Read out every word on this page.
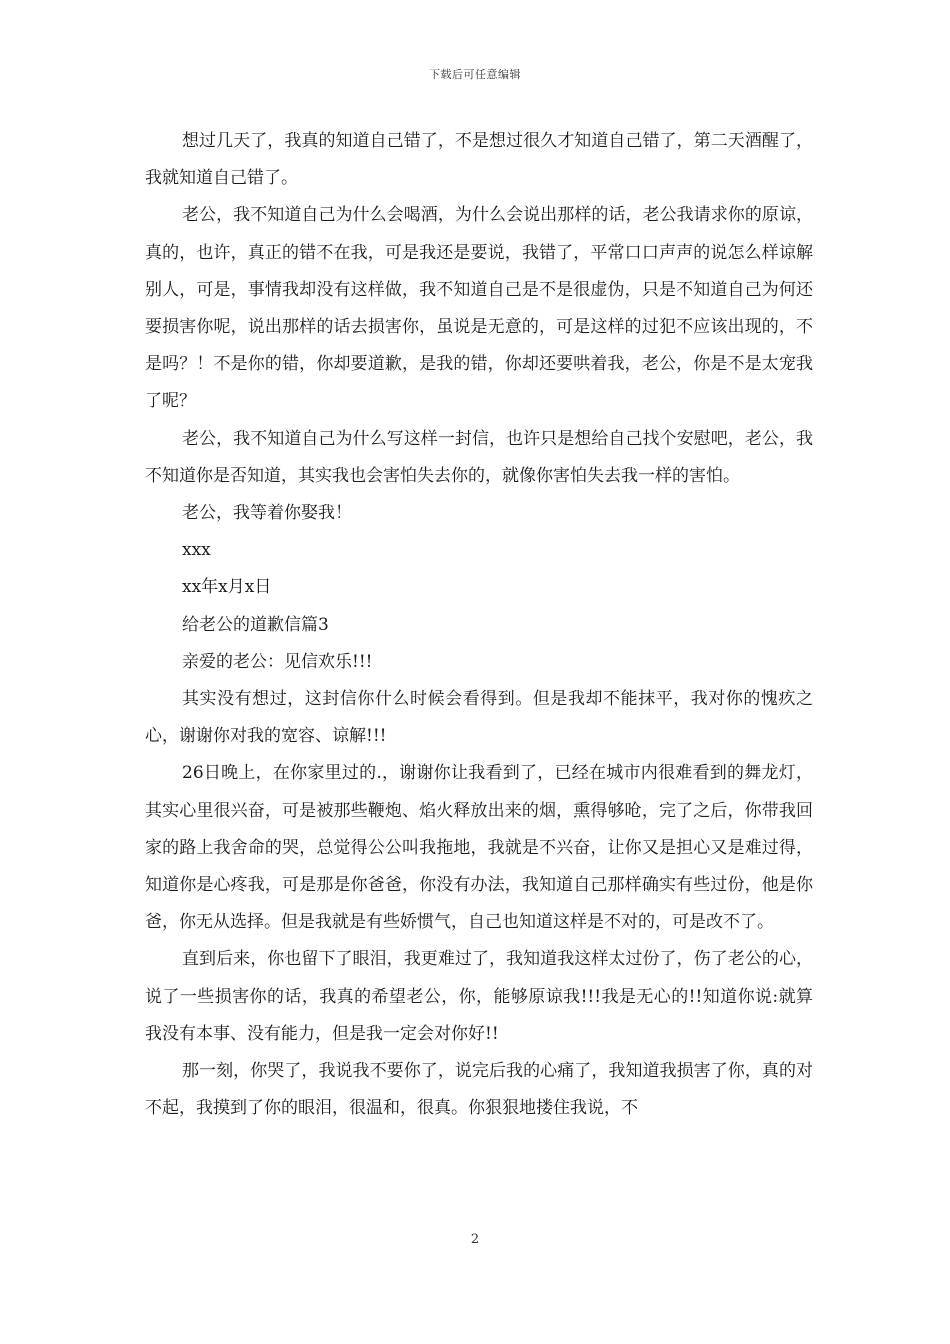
下载后可任意编辑

想过几天了，我真的知道自己错了，不是想过很久才知道自己错了，第二天酒醒了，我就知道自己错了。

老公，我不知道自己为什么会喝酒，为什么会说出那样的话，老公我请求你的原谅，真的，也许，真正的错不在我，可是我还是要说，我错了，平常口口声声的说怎么样谅解别人，可是，事情我却没有这样做，我不知道自己是不是很虚伪，只是不知道自己为何还要损害你呢，说出那样的话去损害你，虽说是无意的，可是这样的过犯不应该出现的，不是吗？！不是你的错，你却要道歉，是我的错，你却还要哄着我，老公，你是不是太宠我了呢？

老公，我不知道自己为什么写这样一封信，也许只是想给自己找个安慰吧，老公，我不知道你是否知道，其实我也会害怕失去你的，就像你害怕失去我一样的害怕。

老公，我等着你娶我！

xxx

xx年x月x日

给老公的道歉信篇3

亲爱的老公：见信欢乐!!!

其实没有想过，这封信你什么时候会看得到。但是我却不能抹平，我对你的愧疚之心，谢谢你对我的宽容、谅解!!!

26日晚上，在你家里过的.，谢谢你让我看到了，已经在城市内很难看到的舞龙灯，其实心里很兴奋，可是被那些鞭炮、焰火释放出来的烟，熏得够呛，完了之后，你带我回家的路上我舍命的哭，总觉得公公叫我拖地，我就是不兴奋，让你又是担心又是难过得，知道你是心疼我，可是那是你爸爸，你没有办法，我知道自己那样确实有些过份，他是你爸，你无从选择。但是我就是有些娇惯气，自己也知道这样是不对的，可是改不了。

直到后来，你也留下了眼泪，我更难过了，我知道我这样太过份了，伤了老公的心，说了一些损害你的话，我真的希望老公，你，能够原谅我!!!我是无心的!!知道你说:就算我没有本事、没有能力，但是我一定会对你好!!

那一刻，你哭了，我说我不要你了，说完后我的心痛了，我知道我损害了你，真的对不起，我摸到了你的眼泪，很温和，很真。你狠狠地搂住我说，不

2
